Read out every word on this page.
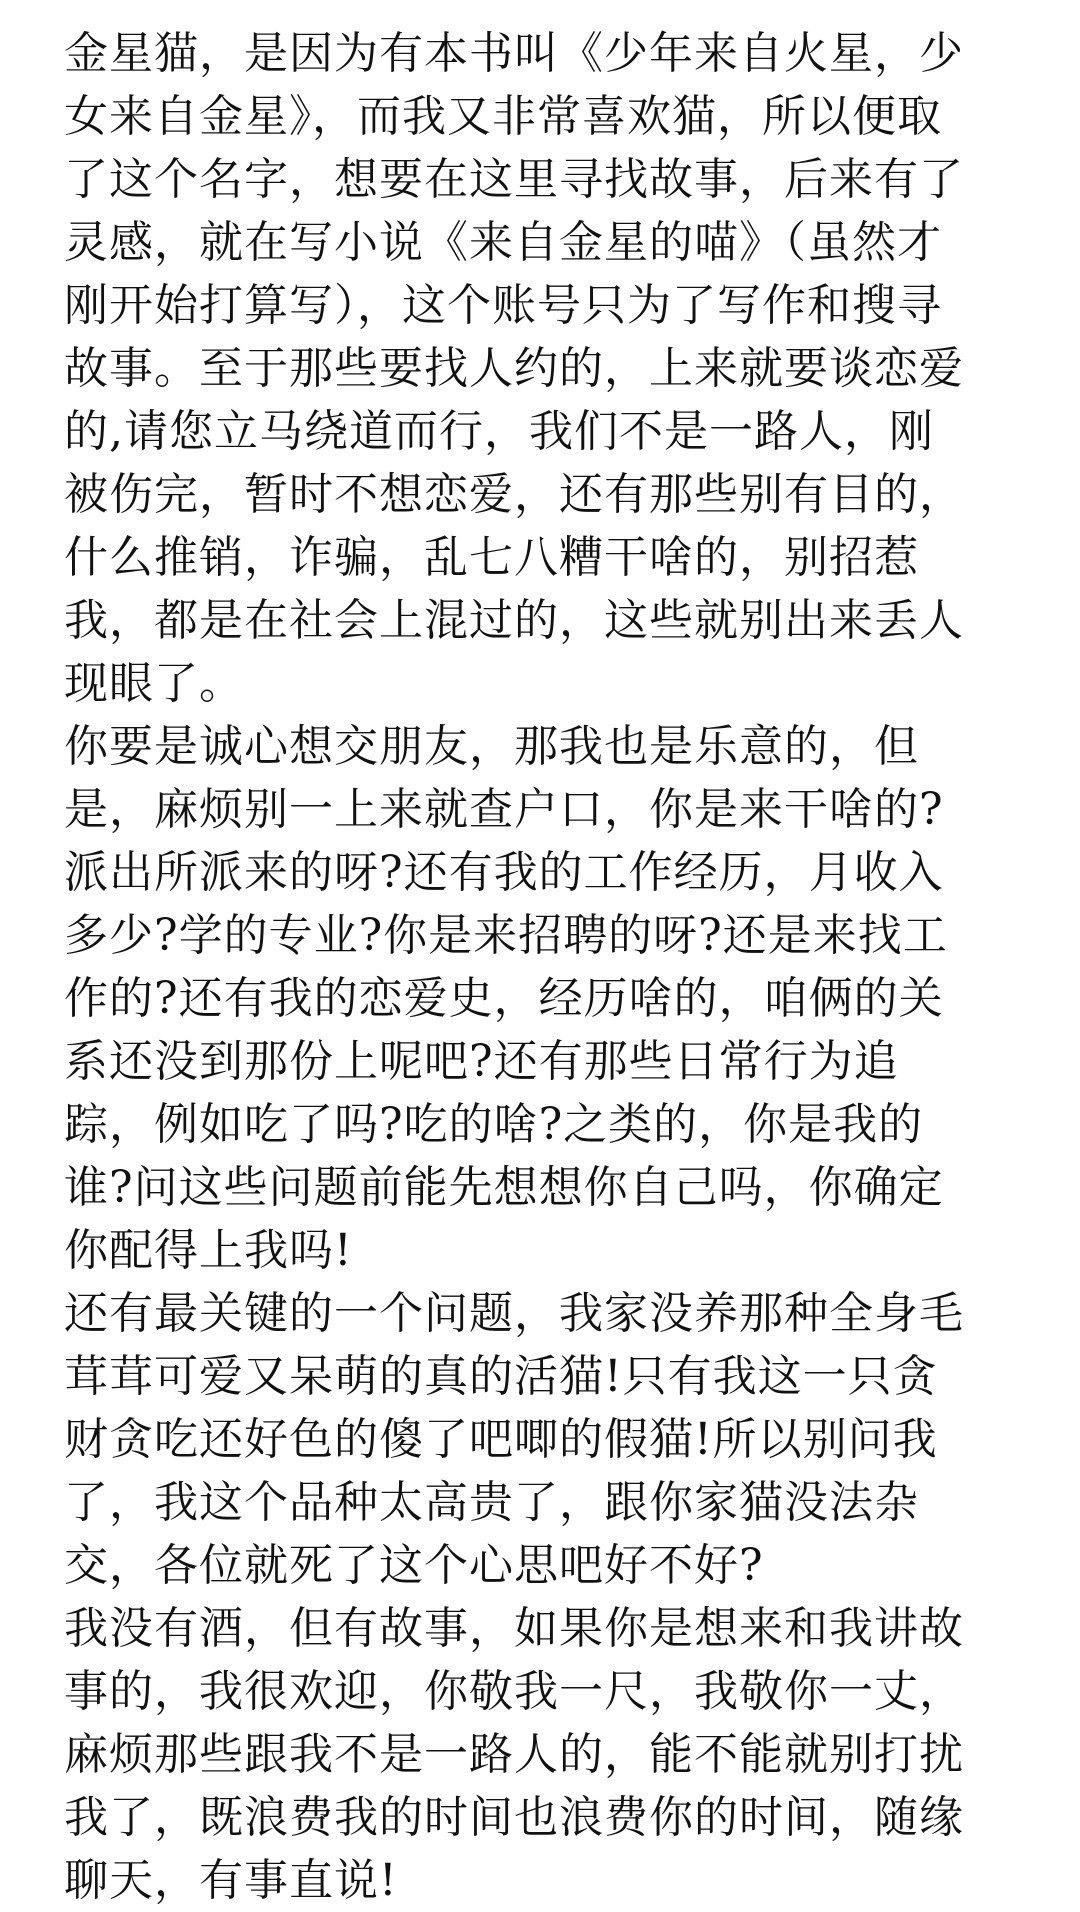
金星猫，是因为有本书叫《少年来自火星，少
女来自金星》，而我又非常喜欢猫，所以便取
了这个名字，想要在这里寻找故事，后来有了
灵感，就在写小说《来自金星的喵》（虽然才
刚开始打算写），这个账号只为了写作和搜寻
故事。至于那些要找人约的，上来就要谈恋爱
的,请您立马绕道而行，我们不是一路人，刚
被伤完，暂时不想恋爱，还有那些别有目的，
什么推销，诈骗，乱七八糟干啥的，别招惹
我，都是在社会上混过的，这些就别出来丢人
现眼了。
你要是诚心想交朋友，那我也是乐意的，但
是，麻烦别一上来就查户口，你是来干啥的?
派出所派来的呀?还有我的工作经历，月收入
多少?学的专业?你是来招聘的呀?还是来找工
作的?还有我的恋爱史，经历啥的，咱俩的关
系还没到那份上呢吧?还有那些日常行为追
踪，例如吃了吗?吃的啥?之类的，你是我的
谁?问这些问题前能先想想你自己吗，你确定
你配得上我吗!
还有最关键的一个问题，我家没养那种全身毛
茸茸可爱又呆萌的真的活猫!只有我这一只贪
财贪吃还好色的傻了吧唧的假猫!所以别问我
了，我这个品种太高贵了，跟你家猫没法杂
交，各位就死了这个心思吧好不好?
我没有酒，但有故事，如果你是想来和我讲故
事的，我很欢迎，你敬我一尺，我敬你一丈，
麻烦那些跟我不是一路人的，能不能就别打扰
我了，既浪费我的时间也浪费你的时间，随缘
聊天，有事直说!
